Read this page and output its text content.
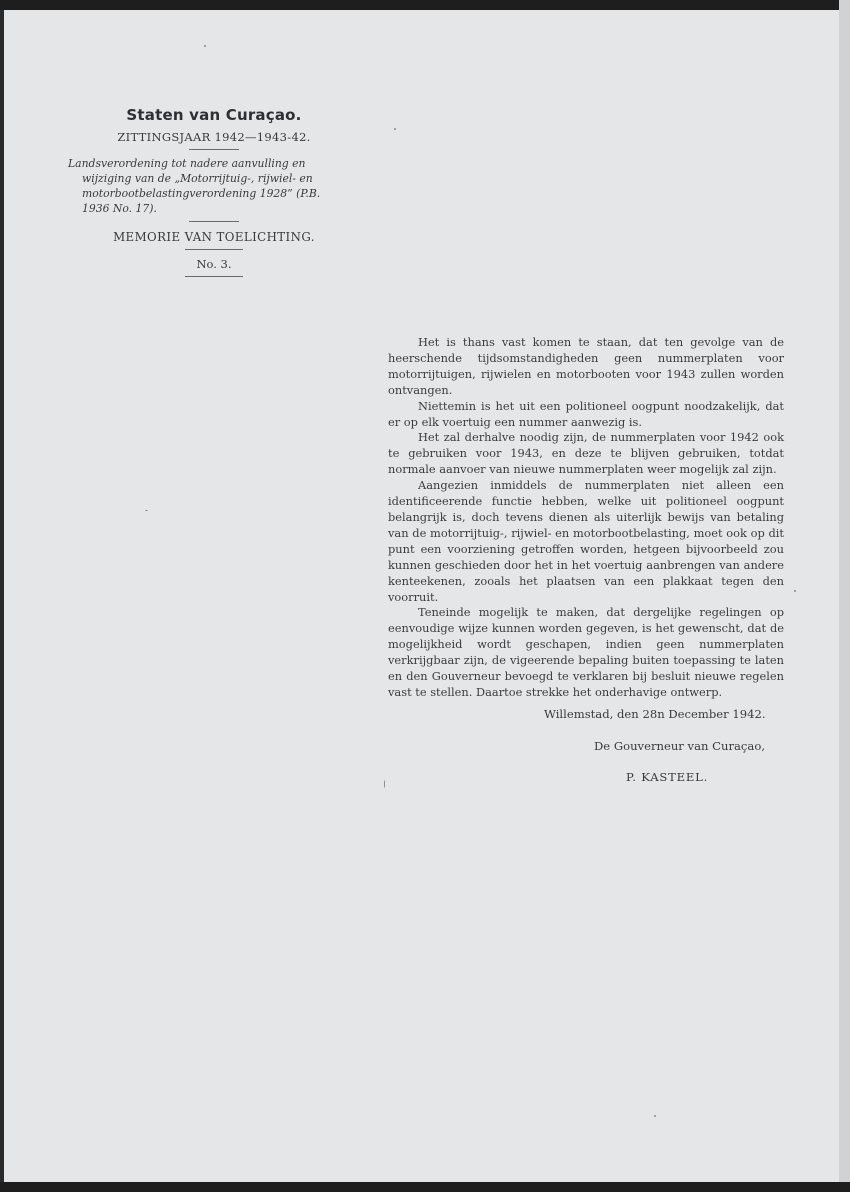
Staten van Curaçao.
ZITTINGSJAAR 1942—1943-42.
Landsverordening tot nadere aanvulling en
wijziging van de „Motorrijtuig-, rijwiel- en
motorbootbelastingverordening 1928” (P.B.
1936 No. 17).
MEMORIE VAN TOELICHTING.
No. 3.

Het is thans vast komen te staan, dat ten gevolge van de heerschende tijdsomstandigheden geen nummerplaten voor motorrijtuigen, rijwielen en motorbooten voor 1943 zullen worden ontvangen.

Niettemin is het uit een politioneel oogpunt noodzakelijk, dat er op elk voertuig een nummer aanwezig is.

Het zal derhalve noodig zijn, de nummerplaten voor 1942 ook te gebruiken voor 1943, en deze te blijven gebruiken, totdat normale aanvoer van nieuwe nummerplaten weer mogelijk zal zijn.

Aangezien inmiddels de nummerplaten niet alleen een identificeerende functie hebben, welke uit politioneel oogpunt belangrijk is, doch tevens dienen als uiterlijk bewijs van betaling van de motorrijtuig-, rijwiel- en motorbootbelasting, moet ook op dit punt een voorziening getroffen worden, hetgeen bijvoorbeeld zou kunnen geschieden door het in het voertuig aanbrengen van andere kenteekenen, zooals het plaatsen van een plakkaat tegen den voorruit.

Teneinde mogelijk te maken, dat dergelijke regelingen op eenvoudige wijze kunnen worden gegeven, is het gewenscht, dat de mogelijkheid wordt geschapen, indien geen nummerplaten verkrijgbaar zijn, de vigeerende bepaling buiten toepassing te laten en den Gouverneur bevoegd te verklaren bij besluit nieuwe regelen vast te stellen. Daartoe strekke het onderhavige ontwerp.

Willemstad, den 28n December 1942.
De Gouverneur van Curaçao,
P. KASTEEL.
